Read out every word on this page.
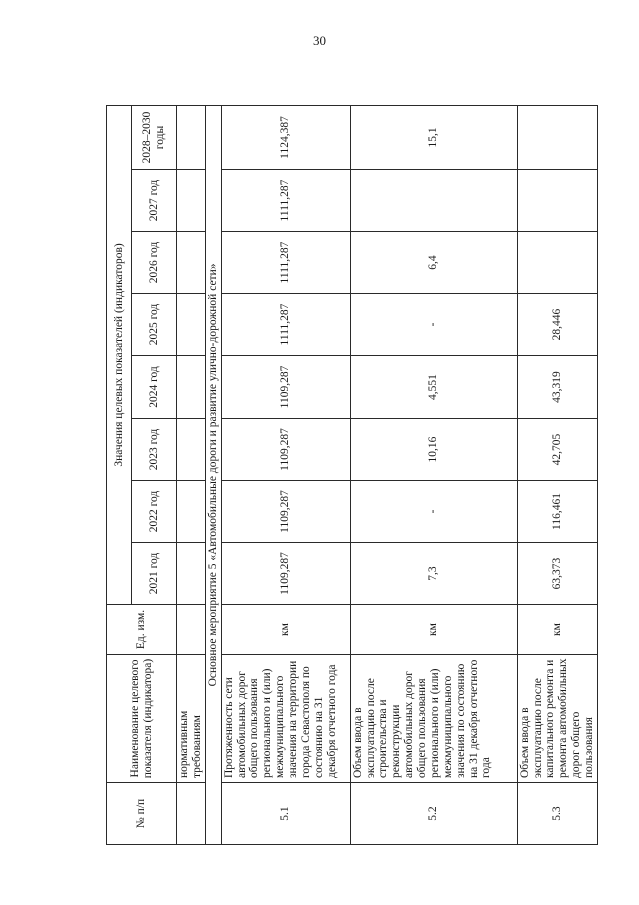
30
№ п/п	Наименование целевого показателя (индикатора)	Ед. изм.	Значения целевых показателей (индикаторов)							
			2021 год	2022 год	2023 год	2024 год	2025 год	2026 год	2027 год	2028–2030 годы
	нормативным требованиям									
Основное мероприятие 5 «Автомобильные дороги и развитие улично-дорожной сети»										
5.1	Протяженность сети автомобильных дорог общего пользования регионального и (или) межмуниципального значения на территории города Севастополя по состоянию на 31 декабря отчетного года	км	1109,287	1109,287	1109,287	1109,287	1111,287	1111,287	1111,287	1124,387
5.2	Объем ввода в эксплуатацию после строительства и реконструкции автомобильных дорог общего пользования регионального и (или) межмуниципального значения по состоянию на 31 декабря отчетного года	км	7,3	-	10,16	4,551	-	6,4		15,1
5.3	Объем ввода в эксплуатацию после капитального ремонта и ремонта автомобильных дорог общего пользования	км	63,373	116,461	42,705	43,319	28,446			
